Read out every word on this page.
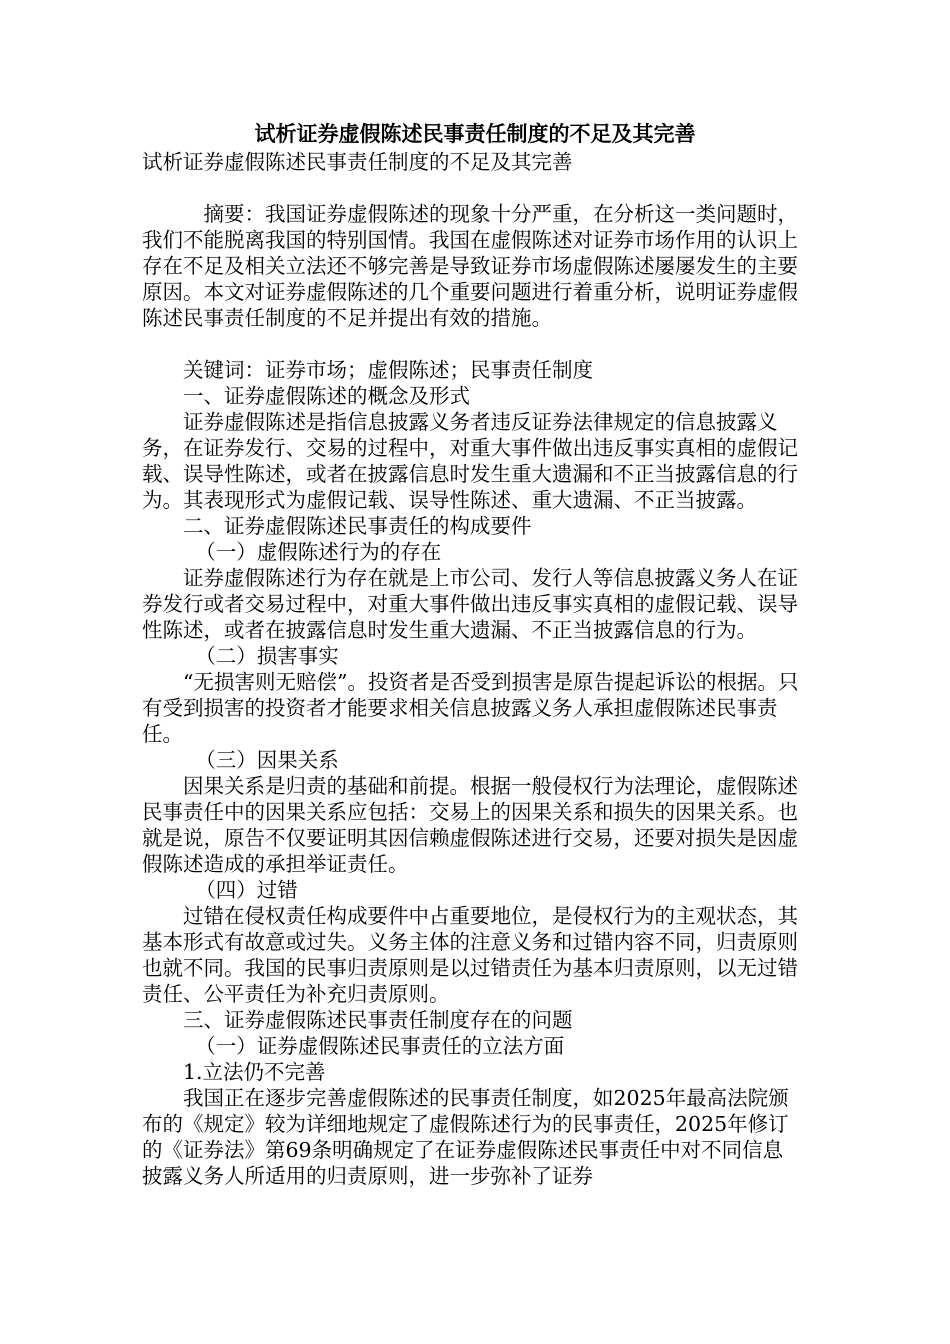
试析证券虚假陈述民事责任制度的不足及其完善

试析证券虚假陈述民事责任制度的不足及其完善

摘要：我国证券虚假陈述的现象十分严重，在分析这一类问题时，我们不能脱离我国的特别国情。我国在虚假陈述对证券市场作用的认识上存在不足及相关立法还不够完善是导致证券市场虚假陈述屡屡发生的主要原因。本文对证券虚假陈述的几个重要问题进行着重分析，说明证券虚假陈述民事责任制度的不足并提出有效的措施。

关键词：证券市场；虚假陈述；民事责任制度

一、证券虚假陈述的概念及形式

证券虚假陈述是指信息披露义务者违反证券法律规定的信息披露义务，在证券发行、交易的过程中，对重大事件做出违反事实真相的虚假记载、误导性陈述，或者在披露信息时发生重大遗漏和不正当披露信息的行为。其表现形式为虚假记载、误导性陈述、重大遗漏、不正当披露。

二、证券虚假陈述民事责任的构成要件

（一）虚假陈述行为的存在

证券虚假陈述行为存在就是上市公司、发行人等信息披露义务人在证券发行或者交易过程中，对重大事件做出违反事实真相的虚假记载、误导性陈述，或者在披露信息时发生重大遗漏、不正当披露信息的行为。

（二）损害事实

“无损害则无赔偿”。投资者是否受到损害是原告提起诉讼的根据。只有受到损害的投资者才能要求相关信息披露义务人承担虚假陈述民事责任。

（三）因果关系

因果关系是归责的基础和前提。根据一般侵权行为法理论，虚假陈述民事责任中的因果关系应包括：交易上的因果关系和损失的因果关系。也就是说，原告不仅要证明其因信赖虚假陈述进行交易，还要对损失是因虚假陈述造成的承担举证责任。

（四）过错

过错在侵权责任构成要件中占重要地位，是侵权行为的主观状态，其基本形式有故意或过失。义务主体的注意义务和过错内容不同，归责原则也就不同。我国的民事归责原则是以过错责任为基本归责原则，以无过错责任、公平责任为补充归责原则。

三、证券虚假陈述民事责任制度存在的问题

（一）证券虚假陈述民事责任的立法方面

1.立法仍不完善

我国正在逐步完善虚假陈述的民事责任制度，如2025年最高法院颁布的《规定》较为详细地规定了虚假陈述行为的民事责任，2025年修订的《证券法》第69条明确规定了在证券虚假陈述民事责任中对不同信息披露义务人所适用的归责原则，进一步弥补了证券
